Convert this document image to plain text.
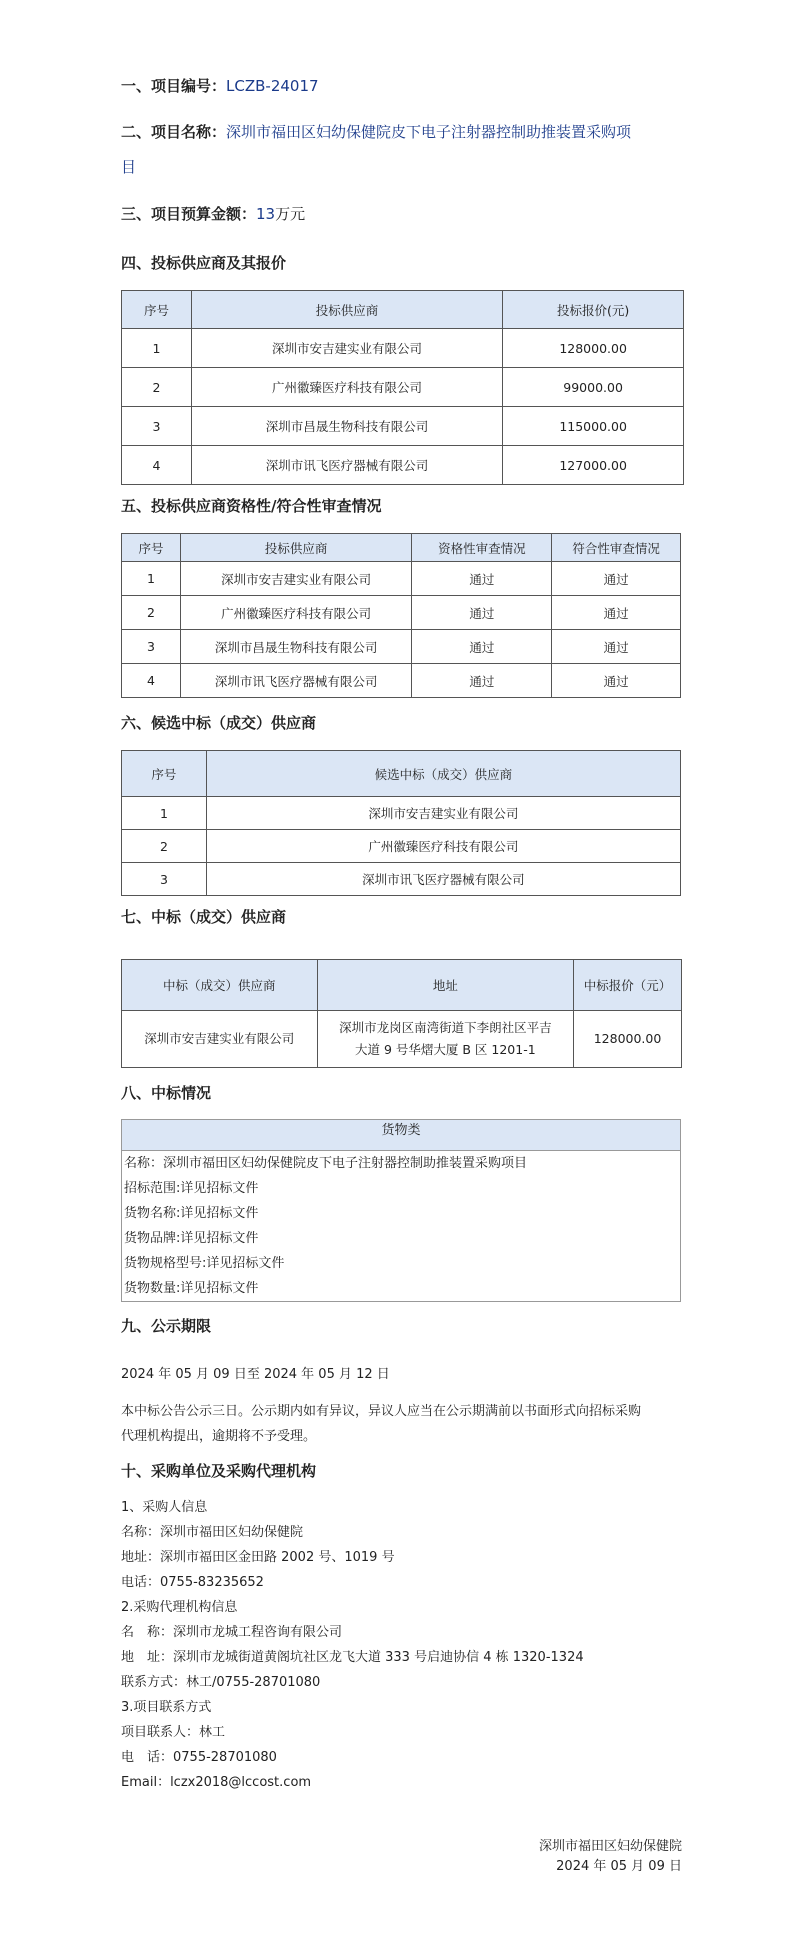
一、项目编号：LCZB-24017
二、项目名称：深圳市福田区妇幼保健院皮下电子注射器控制助推装置采购项
目
三、项目预算金额：13万元
四、投标供应商及其报价
序号	投标供应商	投标报价(元)
1	深圳市安吉建实业有限公司	128000.00
2	广州徽臻医疗科技有限公司	99000.00
3	深圳市昌晟生物科技有限公司	115000.00
4	深圳市讯飞医疗器械有限公司	127000.00
五、投标供应商资格性/符合性审查情况
序号	投标供应商	资格性审查情况	符合性审查情况
1	深圳市安吉建实业有限公司	通过	通过
2	广州徽臻医疗科技有限公司	通过	通过
3	深圳市昌晟生物科技有限公司	通过	通过
4	深圳市讯飞医疗器械有限公司	通过	通过
六、候选中标（成交）供应商
序号	候选中标（成交）供应商
1	深圳市安吉建实业有限公司
2	广州徽臻医疗科技有限公司
3	深圳市讯飞医疗器械有限公司
七、中标（成交）供应商
中标（成交）供应商	地址	中标报价（元）
深圳市安吉建实业有限公司	深圳市龙岗区南湾街道下李朗社区平吉
大道 9 号华熠大厦 B 区 1201-1	128000.00
八、中标情况
货物类
名称：深圳市福田区妇幼保健院皮下电子注射器控制助推装置采购项目
招标范围:详见招标文件
货物名称:详见招标文件
货物品牌:详见招标文件
货物规格型号:详见招标文件
货物数量:详见招标文件
九、公示期限
2024 年 05 月 09 日至 2024 年 05 月 12 日
本中标公告公示三日。公示期内如有异议，异议人应当在公示期满前以书面形式向招标采购
代理机构提出，逾期将不予受理。
十、采购单位及采购代理机构
1、采购人信息
名称：深圳市福田区妇幼保健院
地址：深圳市福田区金田路 2002 号、1019 号
电话：0755-83235652
2.采购代理机构信息
名　称：深圳市龙城工程咨询有限公司
地　址：深圳市龙城街道黄阁坑社区龙飞大道 333 号启迪协信 4 栋 1320-1324
联系方式：林工/0755-28701080
3.项目联系方式
项目联系人：林工
电　话：0755-28701080
Email：lczx2018@lccost.com
深圳市福田区妇幼保健院
2024 年 05 月 09 日
